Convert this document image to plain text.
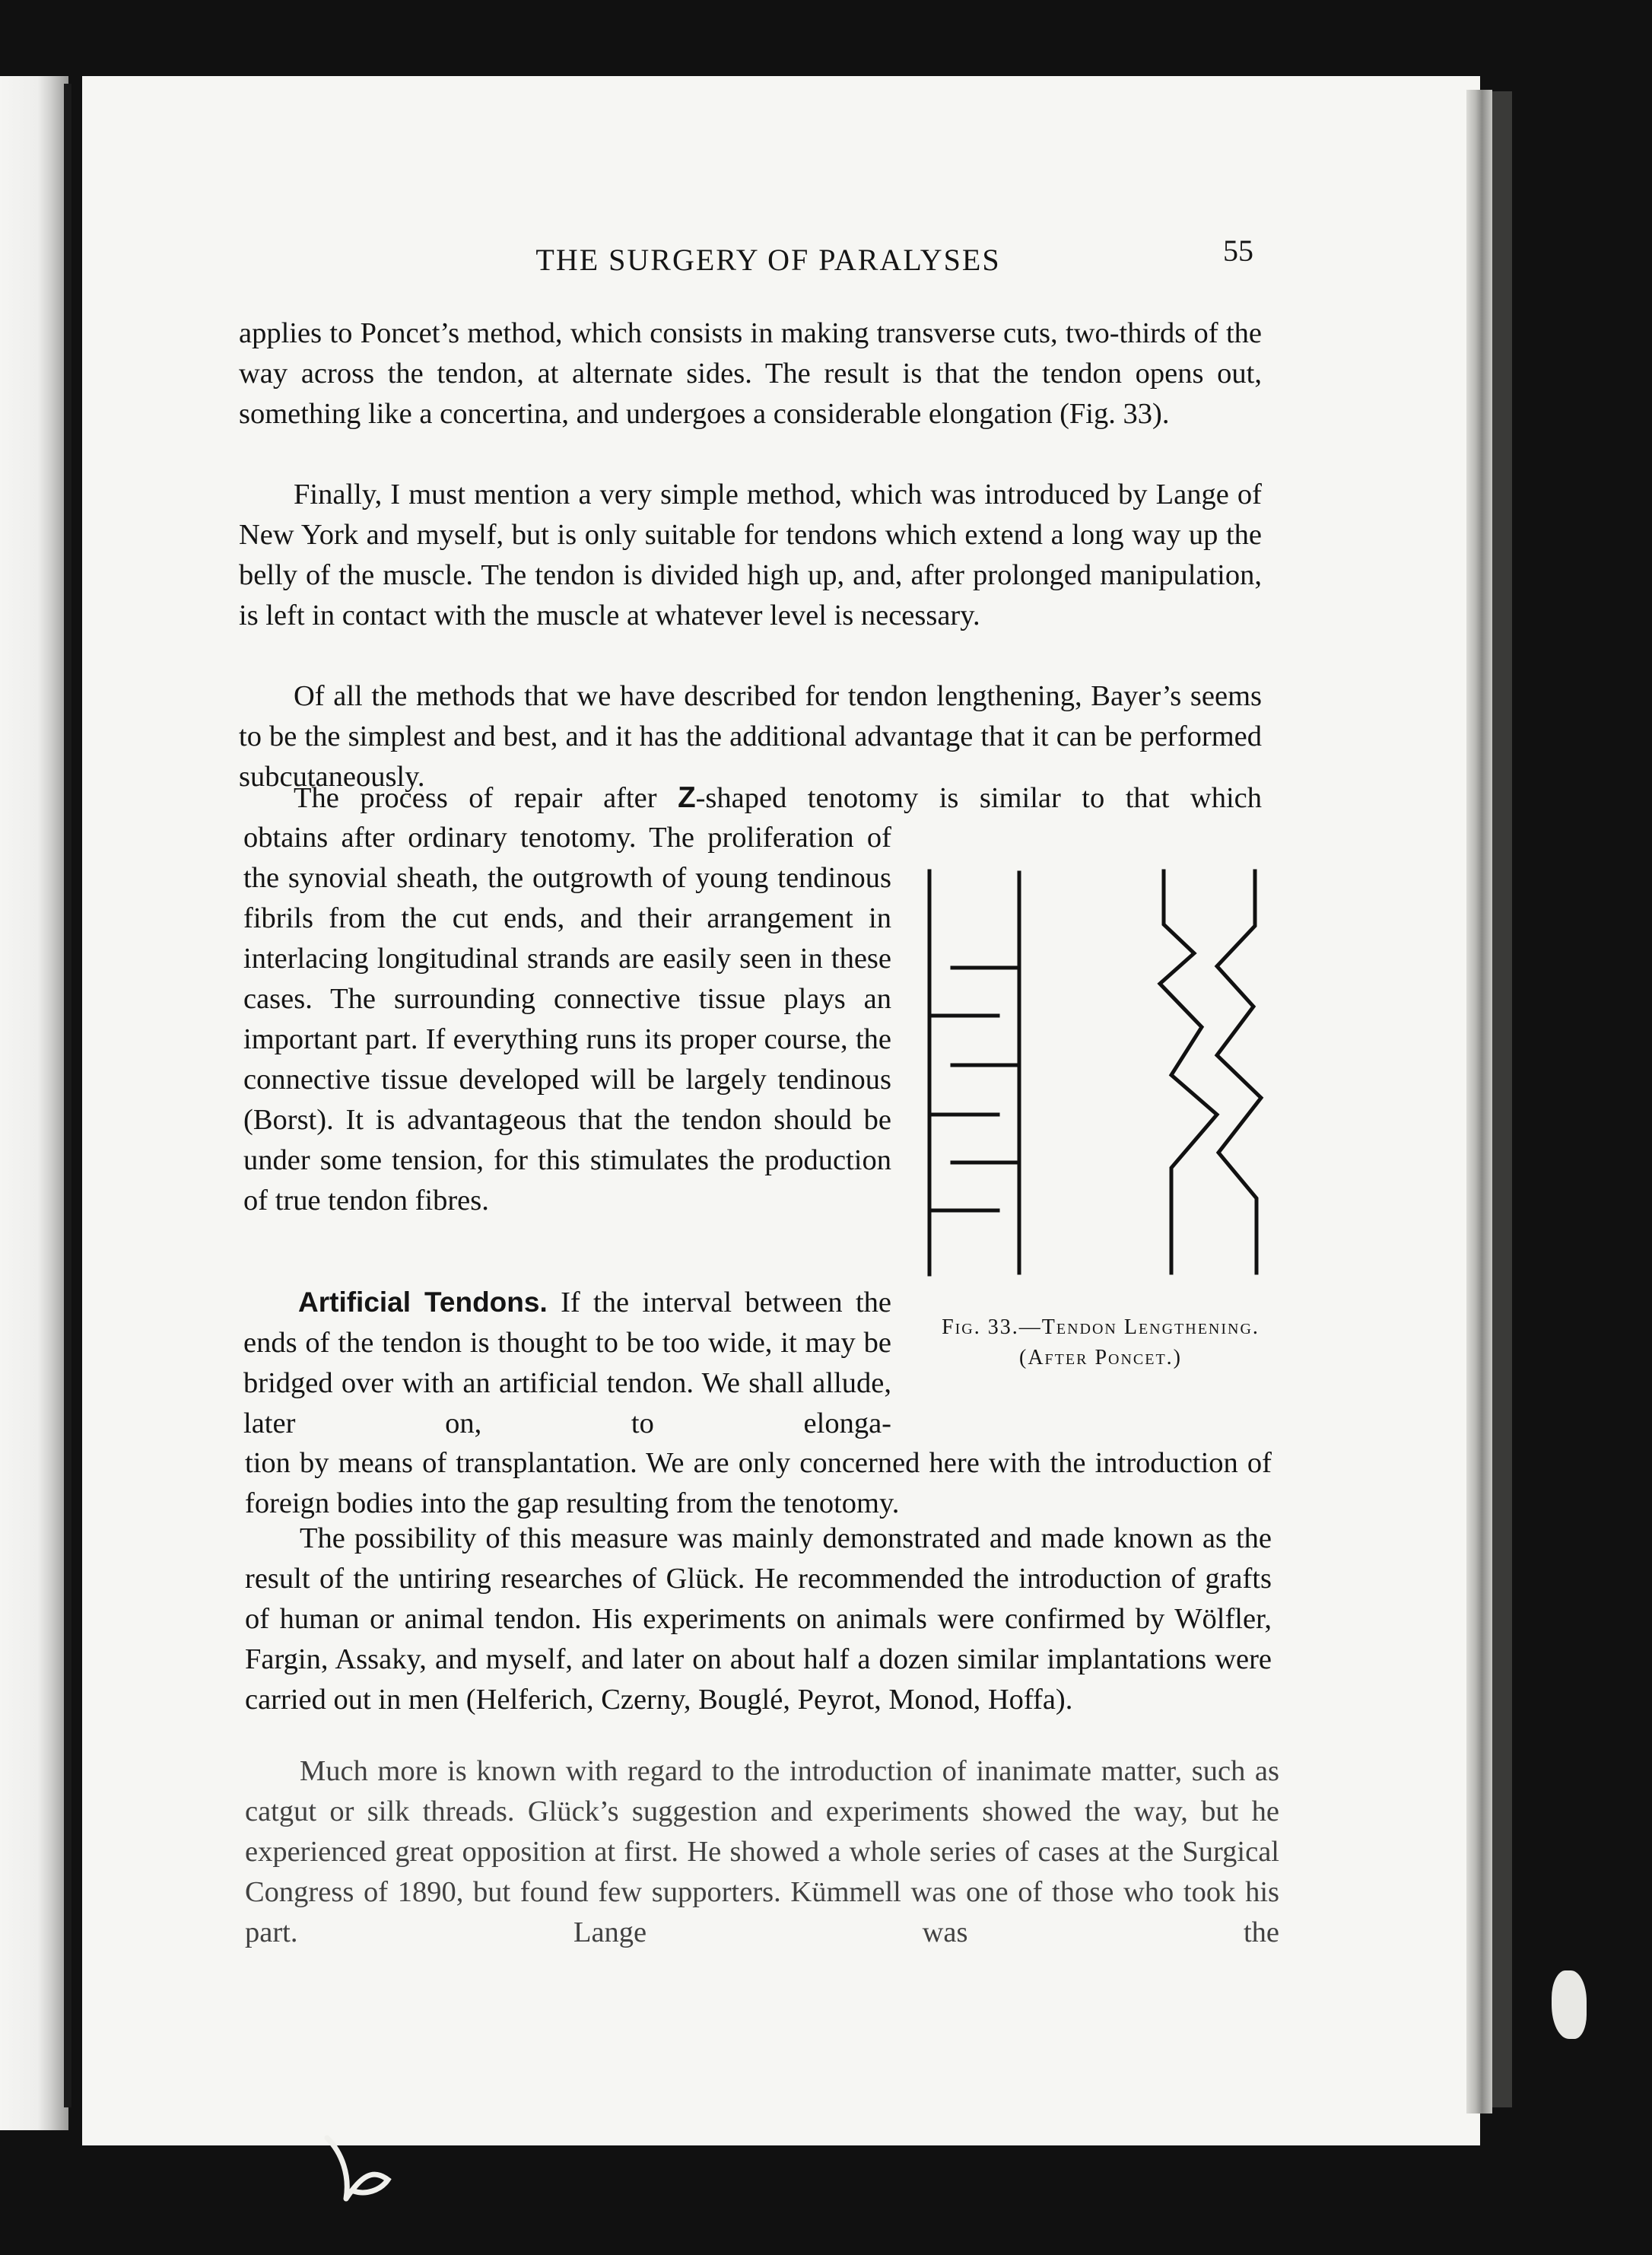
THE SURGERY OF PARALYSES	55

applies to Poncet’s method, which consists in making transverse cuts, two-thirds of the way across the tendon, at alternate sides. The result is that the tendon opens out, something like a concertina, and undergoes a considerable elongation (Fig. 33).

Finally, I must mention a very simple method, which was introduced by Lange of New York and myself, but is only suitable for tendons which extend a long way up the belly of the muscle. The tendon is divided high up, and, after prolonged manipulation, is left in contact with the muscle at whatever level is necessary.

Of all the methods that we have described for tendon lengthening, Bayer’s seems to be the simplest and best, and it has the additional advantage that it can be performed subcutaneously.

The process of repair after Z-shaped tenotomy is similar to that which

obtains after ordinary tenotomy. The proliferation of the synovial sheath, the outgrowth of young tendinous fibrils from the cut ends, and their arrangement in interlacing longitudinal strands are easily seen in these cases. The surrounding connective tissue plays an important part. If everything runs its proper course, the connective tissue developed will be largely tendinous (Borst). It is advantageous that the tendon should be under some tension, for this stimulates the production of true tendon fibres.

Artificial Tendons. If the interval between the ends of the tendon is thought to be too wide, it may be bridged over with an artificial tendon. We shall allude, later on, to elonga-

tion by means of transplantation. We are only concerned here with the introduction of foreign bodies into the gap resulting from the tenotomy.

The possibility of this measure was mainly demonstrated and made known as the result of the untiring researches of Glück. He recommended the introduction of grafts of human or animal tendon. His experiments on animals were confirmed by Wölfler, Fargin, Assaky, and myself, and later on about half a dozen similar implantations were carried out in men (Helferich, Czerny, Bouglé, Peyrot, Monod, Hoffa).

Much more is known with regard to the introduction of inanimate matter, such as catgut or silk threads. Glück’s suggestion and experiments showed the way, but he experienced great opposition at first. He showed a whole series of cases at the Surgical Congress of 1890, but found few supporters. Kümmell was one of those who took his part. Lange was the

Fig. 33.—Tendon Lengthening. (After Poncet.)
